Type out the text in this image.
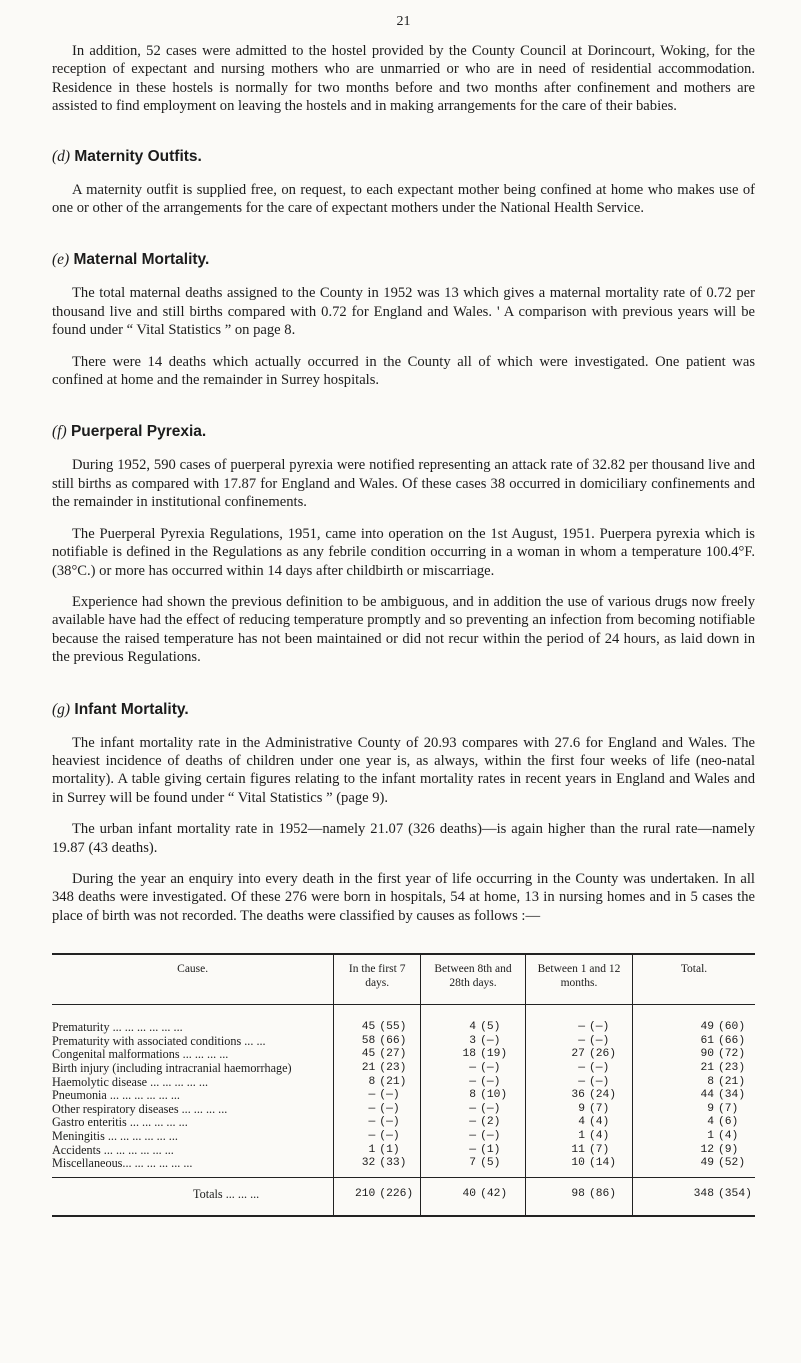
21

In addition, 52 cases were admitted to the hostel provided by the County Council at Dorincourt, Woking, for the reception of expectant and nursing mothers who are unmarried or who are in need of residential accommodation. Residence in these hostels is normally for two months before and two months after confinement and mothers are assisted to find employment on leaving the hostels and in making arrangements for the care of their babies.

(d) Maternity Outfits.

A maternity outfit is supplied free, on request, to each expectant mother being confined at home who makes use of one or other of the arrangements for the care of expectant mothers under the National Health Service.

(e) Maternal Mortality.

The total maternal deaths assigned to the County in 1952 was 13 which gives a maternal mortality rate of 0.72 per thousand live and still births compared with 0.72 for England and Wales. ' A comparison with previous years will be found under “ Vital Statistics ” on page 8.

There were 14 deaths which actually occurred in the County all of which were investigated. One patient was confined at home and the remainder in Surrey hospitals.

(f) Puerperal Pyrexia.

During 1952, 590 cases of puerperal pyrexia were notified representing an attack rate of 32.82 per thousand live and still births as compared with 17.87 for England and Wales. Of these cases 38 occurred in domiciliary confinements and the remainder in institutional confinements.

The Puerperal Pyrexia Regulations, 1951, came into operation on the 1st August, 1951. Puerpera pyrexia which is notifiable is defined in the Regulations as any febrile condition occurring in a woman in whom a temperature 100.4°F. (38°C.) or more has occurred within 14 days after childbirth or miscarriage.

Experience had shown the previous definition to be ambiguous, and in addition the use of various drugs now freely available have had the effect of reducing temperature promptly and so preventing an infection from becoming notifiable because the raised temperature has not been maintained or did not recur within the period of 24 hours, as laid down in the previous Regulations.

(g) Infant Mortality.

The infant mortality rate in the Administrative County of 20.93 compares with 27.6 for England and Wales. The heaviest incidence of deaths of children under one year is, as always, within the first four weeks of life (neo-natal mortality). A table giving certain figures relating to the infant mortality rates in recent years in England and Wales and in Surrey will be found under “ Vital Statistics ” (page 9).

The urban infant mortality rate in 1952—namely 21.07 (326 deaths)—is again higher than the rural rate—namely 19.87 (43 deaths).

During the year an enquiry into every death in the first year of life occurring in the County was undertaken. In all 348 deaths were investigated. Of these 276 were born in hospitals, 54 at home, 13 in nursing homes and in 5 cases the place of birth was not recorded. The deaths were classified by causes as follows :—

Cause.	In the first 7 days.	Between 8th and 28th days.	Between 1 and 12 months.	Total.
Prematurity ... ... ... ... ... ...	45 (55)	4 (5)	— (—)	49 (60)

Prematurity with associated conditions ... ...	58 (66)	3 (—)	— (—)	61 (66)

Congenital malformations ... ... ... ...	45 (27)	18 (19)	27 (26)	90 (72)

Birth injury (including intracranial haemorrhage)	21 (23)	— (—)	— (—)	21 (23)

Haemolytic disease ... ... ... ... ...	8 (21)	— (—)	— (—)	8 (21)

Pneumonia ... ... ... ... ... ...	— (—)	8 (10)	36 (24)	44 (34)

Other respiratory diseases ... ... ... ...	— (—)	— (—)	9 (7)	9 (7)

Gastro enteritis ... ... ... ... ...	— (—)	— (2)	4 (4)	4 (6)

Meningitis ... ... ... ... ... ...	— (—)	— (—)	1 (4)	1 (4)

Accidents ... ... ... ... ... ...	1 (1)	— (1)	11 (7)	12 (9)

Miscellaneous... ... ... ... ... ...	32 (33)	7 (5)	10 (14)	49 (52)

Totals ... ... ...	210 (226)	40 (42)	98 (86)	348 (354)
